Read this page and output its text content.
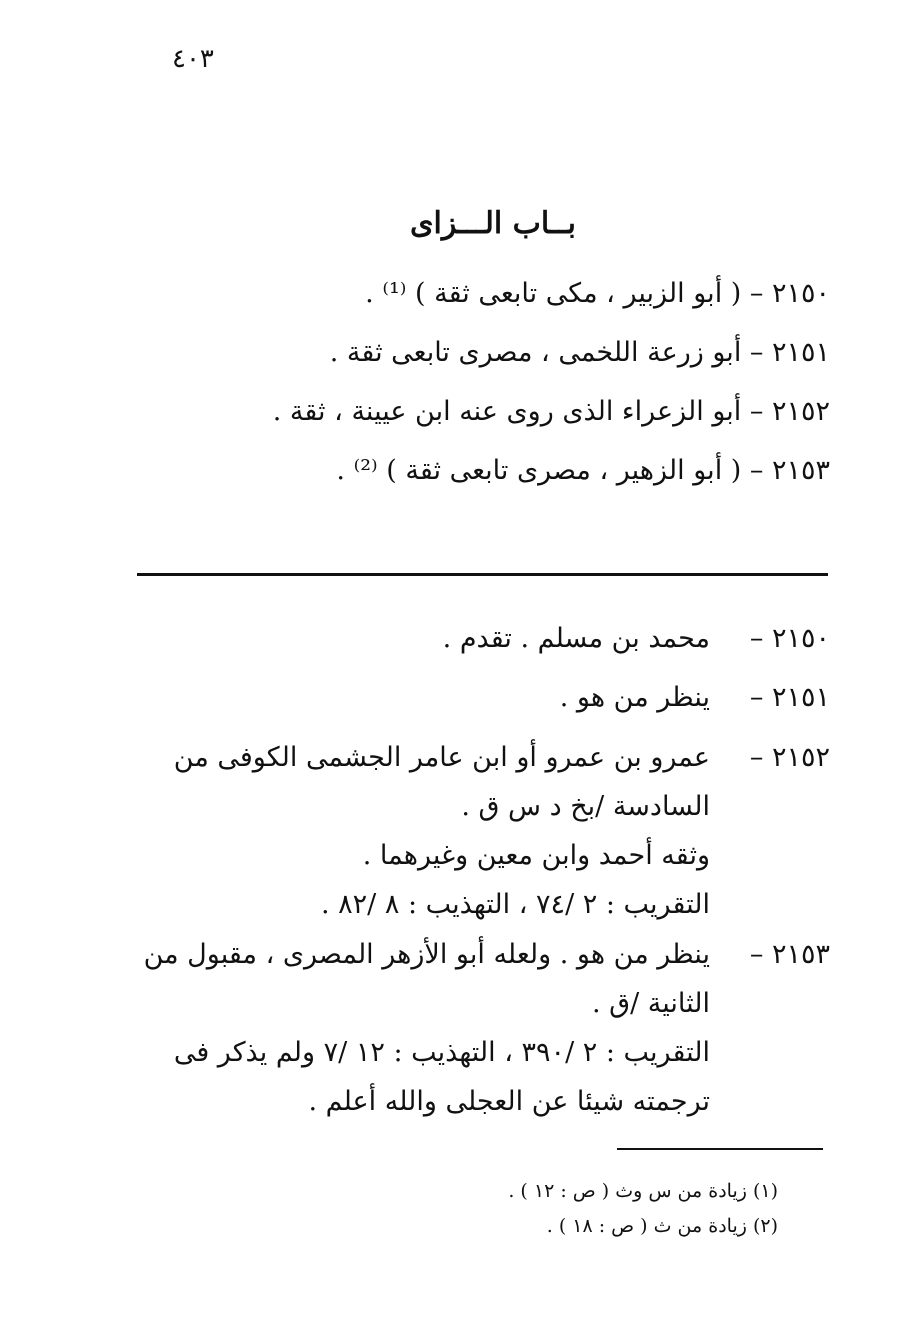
٤٠٣
بــاب الـــزاى
٢١٥٠ – ( أبو الزبير ، مكى تابعى ثقة ) ⁽¹⁾ .
٢١٥١ – أبو زرعة اللخمى ، مصرى تابعى ثقة .
٢١٥٢ – أبو الزعراء الذى روى عنه ابن عيينة ، ثقة .
٢١٥٣ – ( أبو الزهير ، مصرى تابعى ثقة ) ⁽²⁾ .
٢١٥٠ –محمد بن مسلم . تقدم .
٢١٥١ –ينظر من هو .
٢١٥٢ –عمرو بن عمرو أو ابن عامر الجشمى الكوفى من
السادسة /بخ د س ق .
وثقه أحمد وابن معين وغيرهما .
التقريب : ٢ /٧٤ ، التهذيب : ٨ /٨٢ .
٢١٥٣ –ينظر من هو . ولعله أبو الأزهر المصرى ، مقبول من
الثانية /ق .
التقريب : ٢ /٣٩٠ ، التهذيب : ١٢ /٧ ولم يذكر فى
ترجمته شيئا عن العجلى والله أعلم .
(١) زيادة من س وث ( ص : ١٢ ) .
(٢) زيادة من ث ( ص : ١٨ ) .
